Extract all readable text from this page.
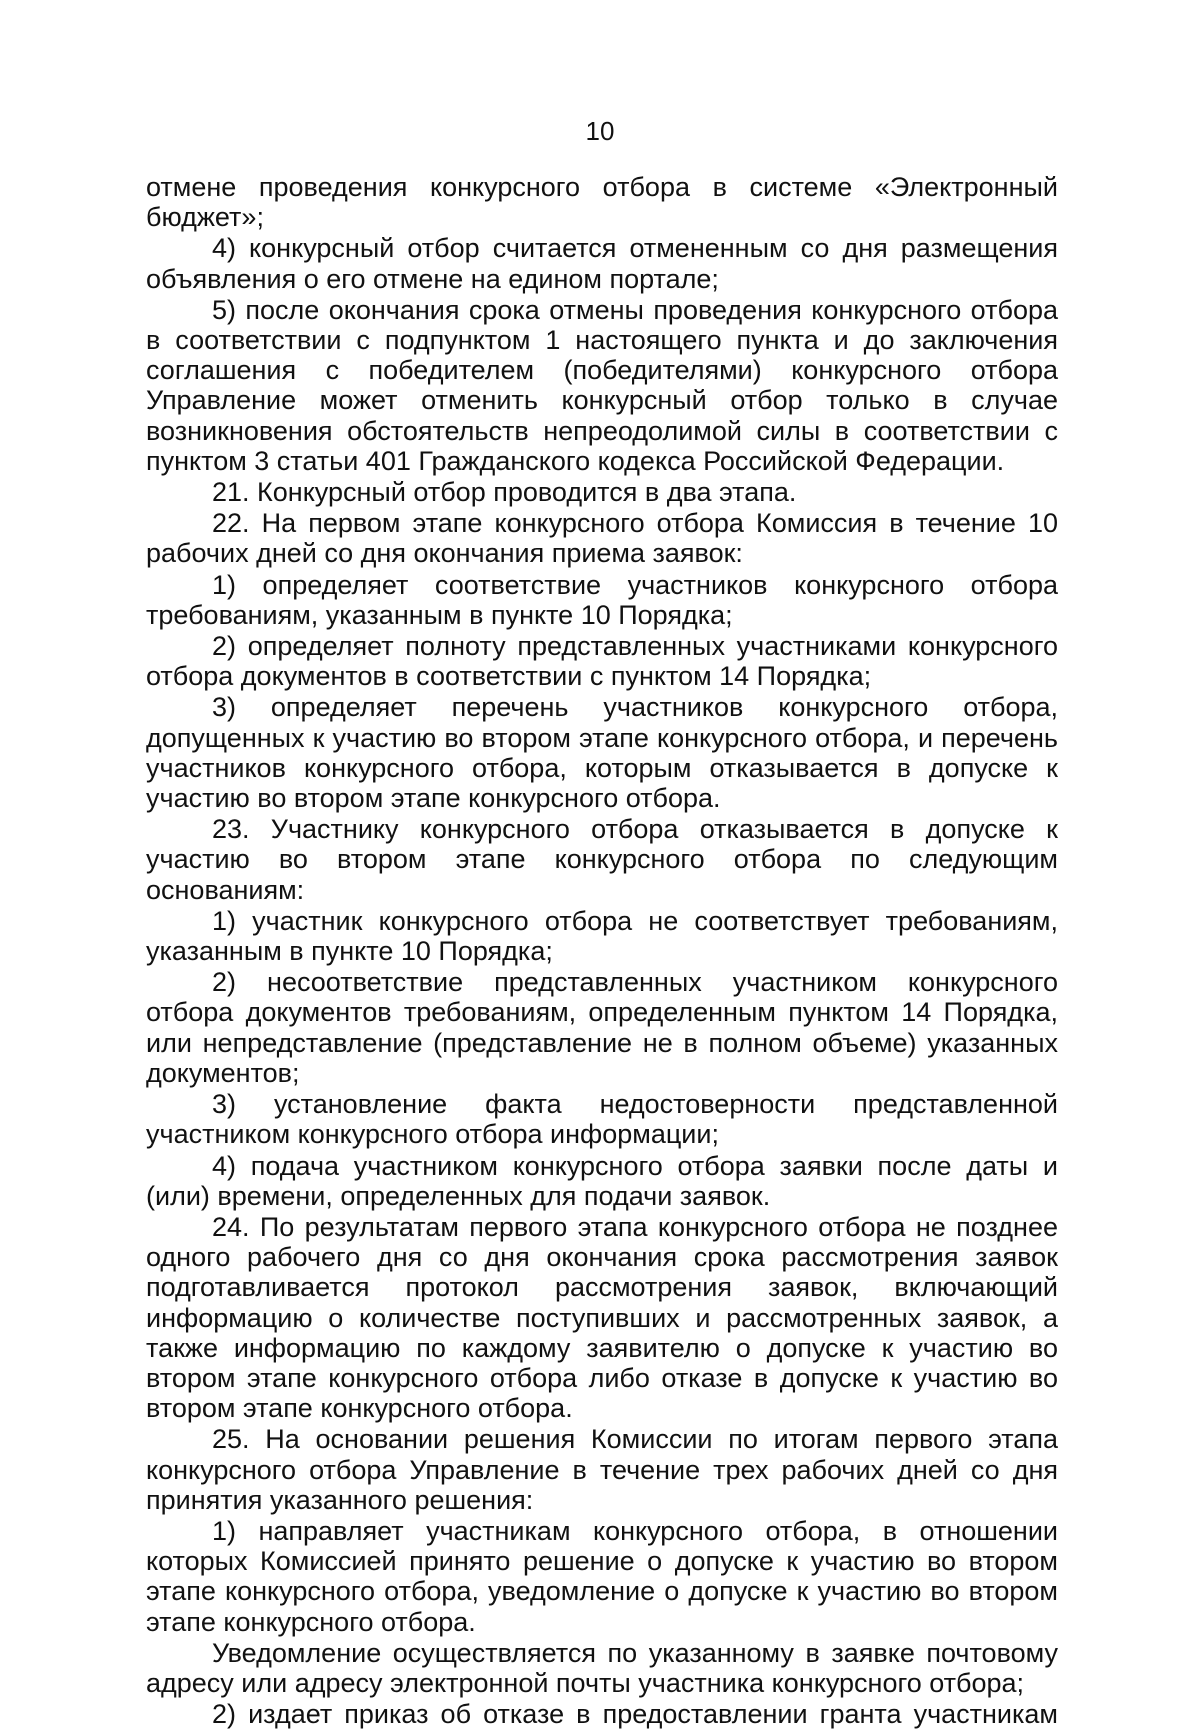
10

отмене проведения конкурсного отбора в системе «Электронный бюджет»;

4) конкурсный отбор считается отмененным со дня размещения объявления о его отмене на едином портале;

5) после окончания срока отмены проведения конкурсного отбора в соответствии с подпунктом 1 настоящего пункта и до заключения соглашения с победителем (победителями) конкурсного отбора Управление может отменить конкурсный отбор только в случае возникновения обстоятельств непреодолимой силы в соответствии с пунктом 3 статьи 401 Гражданского кодекса Российской Федерации.

21. Конкурсный отбор проводится в два этапа.

22. На первом этапе конкурсного отбора Комиссия в течение 10 рабочих дней со дня окончания приема заявок:

1) определяет соответствие участников конкурсного отбора требованиям, указанным в пункте 10 Порядка;

2) определяет полноту представленных участниками конкурсного отбора документов в соответствии с пунктом 14 Порядка;

3) определяет перечень участников конкурсного отбора, допущенных к участию во втором этапе конкурсного отбора, и перечень участников конкурсного отбора, которым отказывается в допуске к участию во втором этапе конкурсного отбора.

23. Участнику конкурсного отбора отказывается в допуске к участию во втором этапе конкурсного отбора по следующим основаниям:

1) участник конкурсного отбора не соответствует требованиям, указанным в пункте 10 Порядка;

2) несоответствие представленных участником конкурсного отбора документов требованиям, определенным пунктом 14 Порядка, или непредставление (представление не в полном объеме) указанных документов;

3) установление факта недостоверности представленной участником конкурсного отбора информации;

4) подача участником конкурсного отбора заявки после даты и (или) времени, определенных для подачи заявок.

24. По результатам первого этапа конкурсного отбора не позднее одного рабочего дня со дня окончания срока рассмотрения заявок подготавливается протокол рассмотрения заявок, включающий информацию о количестве поступивших и рассмотренных заявок, а также информацию по каждому заявителю о допуске к участию во втором этапе конкурсного отбора либо отказе в допуске к участию во втором этапе конкурсного отбора.

25. На основании решения Комиссии по итогам первого этапа конкурсного отбора Управление в течение трех рабочих дней со дня принятия указанного решения:

1) направляет участникам конкурсного отбора, в отношении которых Комиссией принято решение о допуске к участию во втором этапе конкурсного отбора, уведомление о допуске к участию во втором этапе конкурсного отбора.

Уведомление осуществляется по указанному в заявке почтовому адресу или адресу электронной почты участника конкурсного отбора;

2) издает приказ об отказе в предоставлении гранта участникам
